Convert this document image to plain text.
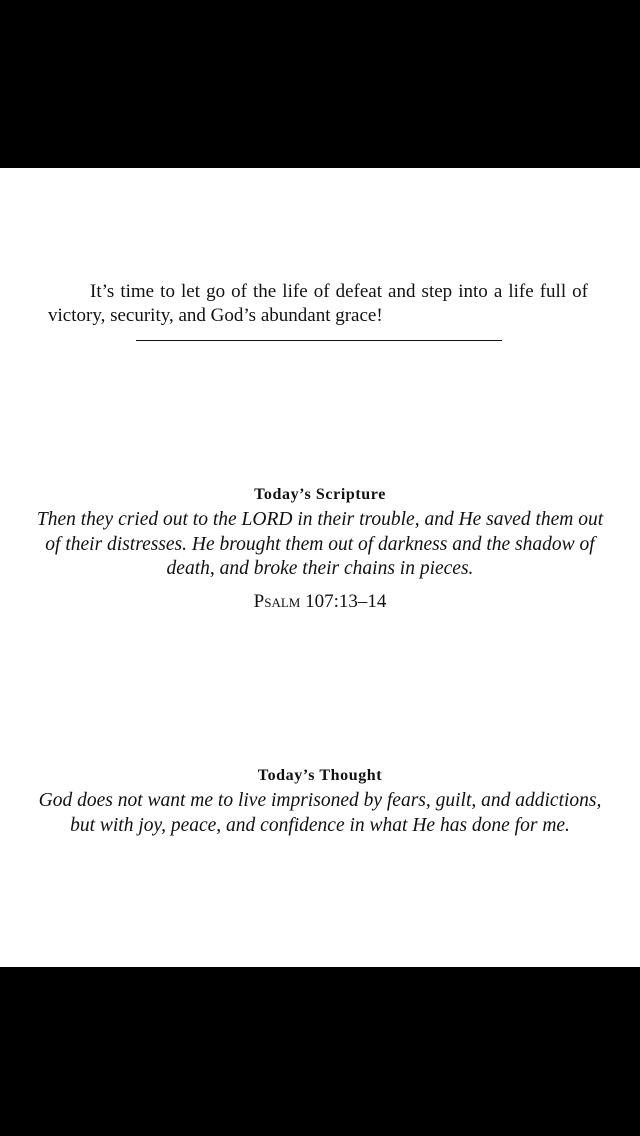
It’s time to let go of the life of defeat and step into a life full of victory, security, and God’s abundant grace!

Today’s Scripture

Then they cried out to the LORD in their trouble, and He saved them out of their distresses. He brought them out of darkness and the shadow of death, and broke their chains in pieces.

Psalm 107:13–14

Today’s Thought

God does not want me to live imprisoned by fears, guilt, and addictions, but with joy, peace, and confidence in what He has done for me.
